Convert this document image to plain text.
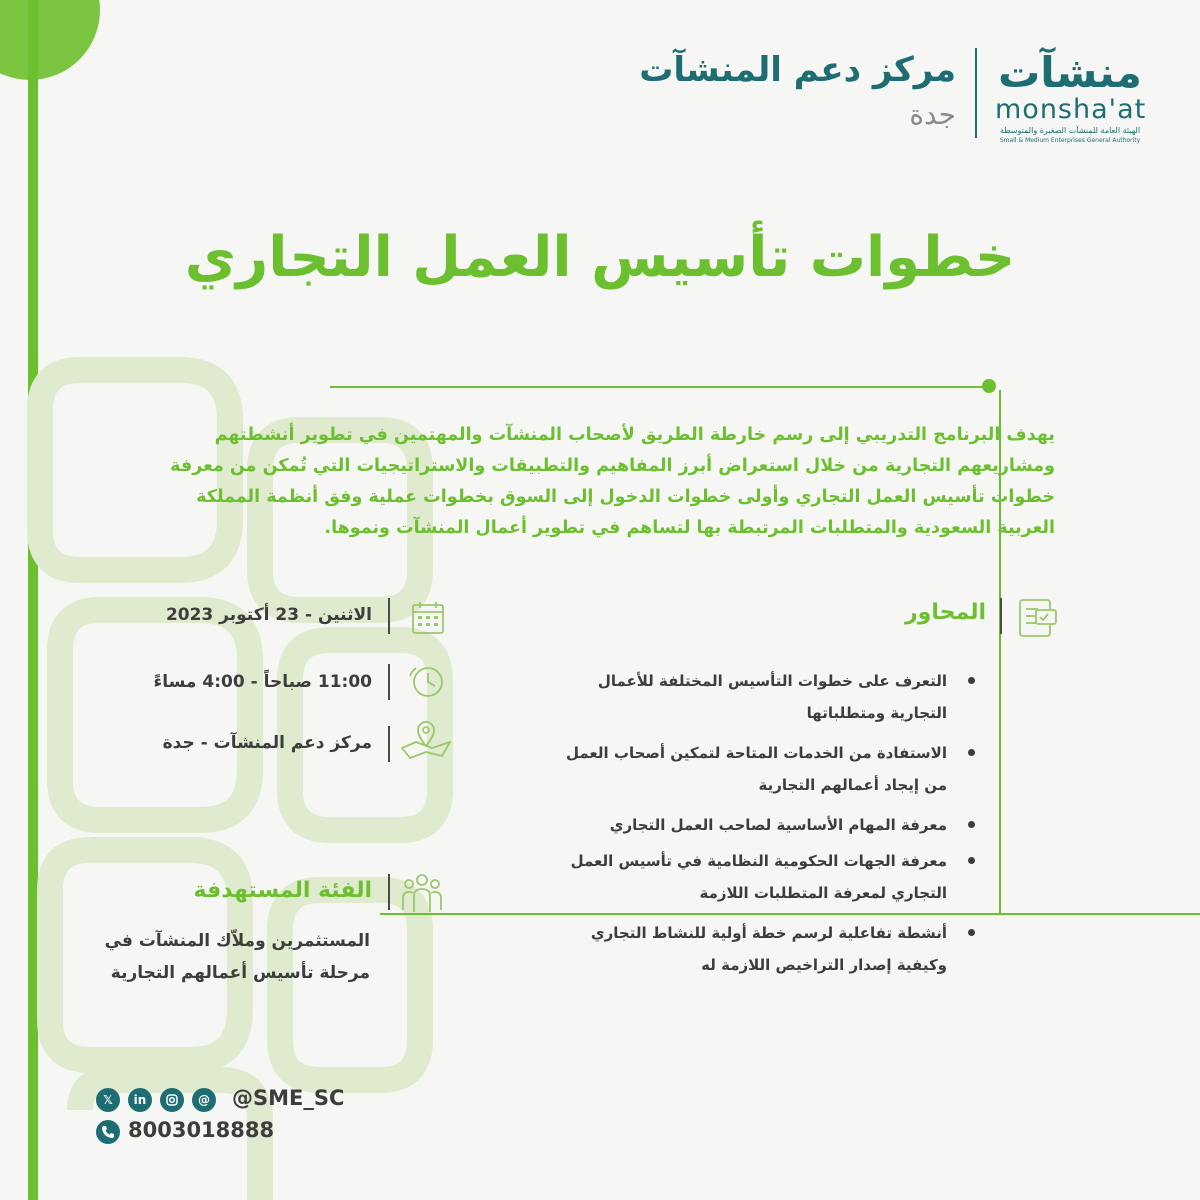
مركز دعم المنشآت
جدة
منشآت
monsha'at
الهيئة العامة للمنشآت الصغيرة والمتوسطة
Small & Medium Enterprises General Authority
خطوات تأسيس العمل التجاري
يهدف البرنامج التدريبي إلى رسم خارطة الطريق لأصحاب المنشآت والمهتمين في تطوير أنشطتهم ومشاريعهم التجارية من خلال استعراض أبرز المفاهيم والتطبيقات والاستراتيجيات التي تُمكن من معرفة خطوات تأسيس العمل التجاري وأولى خطوات الدخول إلى السوق بخطوات عملية وفق أنظمة المملكة العربية السعودية والمتطلبات المرتبطة بها لتساهم في تطوير أعمال المنشآت ونموها.
المحاور
التعرف على خطوات التأسيس المختلفة للأعمال التجارية ومتطلباتها
الاستفادة من الخدمات المتاحة لتمكين أصحاب العمل من إيجاد أعمالهم التجارية
معرفة المهام الأساسية لصاحب العمل التجاري
معرفة الجهات الحكومية النظامية في تأسيس العمل التجاري لمعرفة المتطلبات اللازمة
أنشطة تفاعلية لرسم خطة أولية للنشاط التجاري وكيفية إصدار التراخيص اللازمة له
الاثنين - 23 أكتوبر 2023
11:00 صباحاً - 4:00 مساءً
مركز دعم المنشآت - جدة
الفئة المستهدفة
المستثمرين وملاّك المنشآت في مرحلة تأسيس أعمالهم التجارية
𝕏	in	@ @SME_SC
8003018888
